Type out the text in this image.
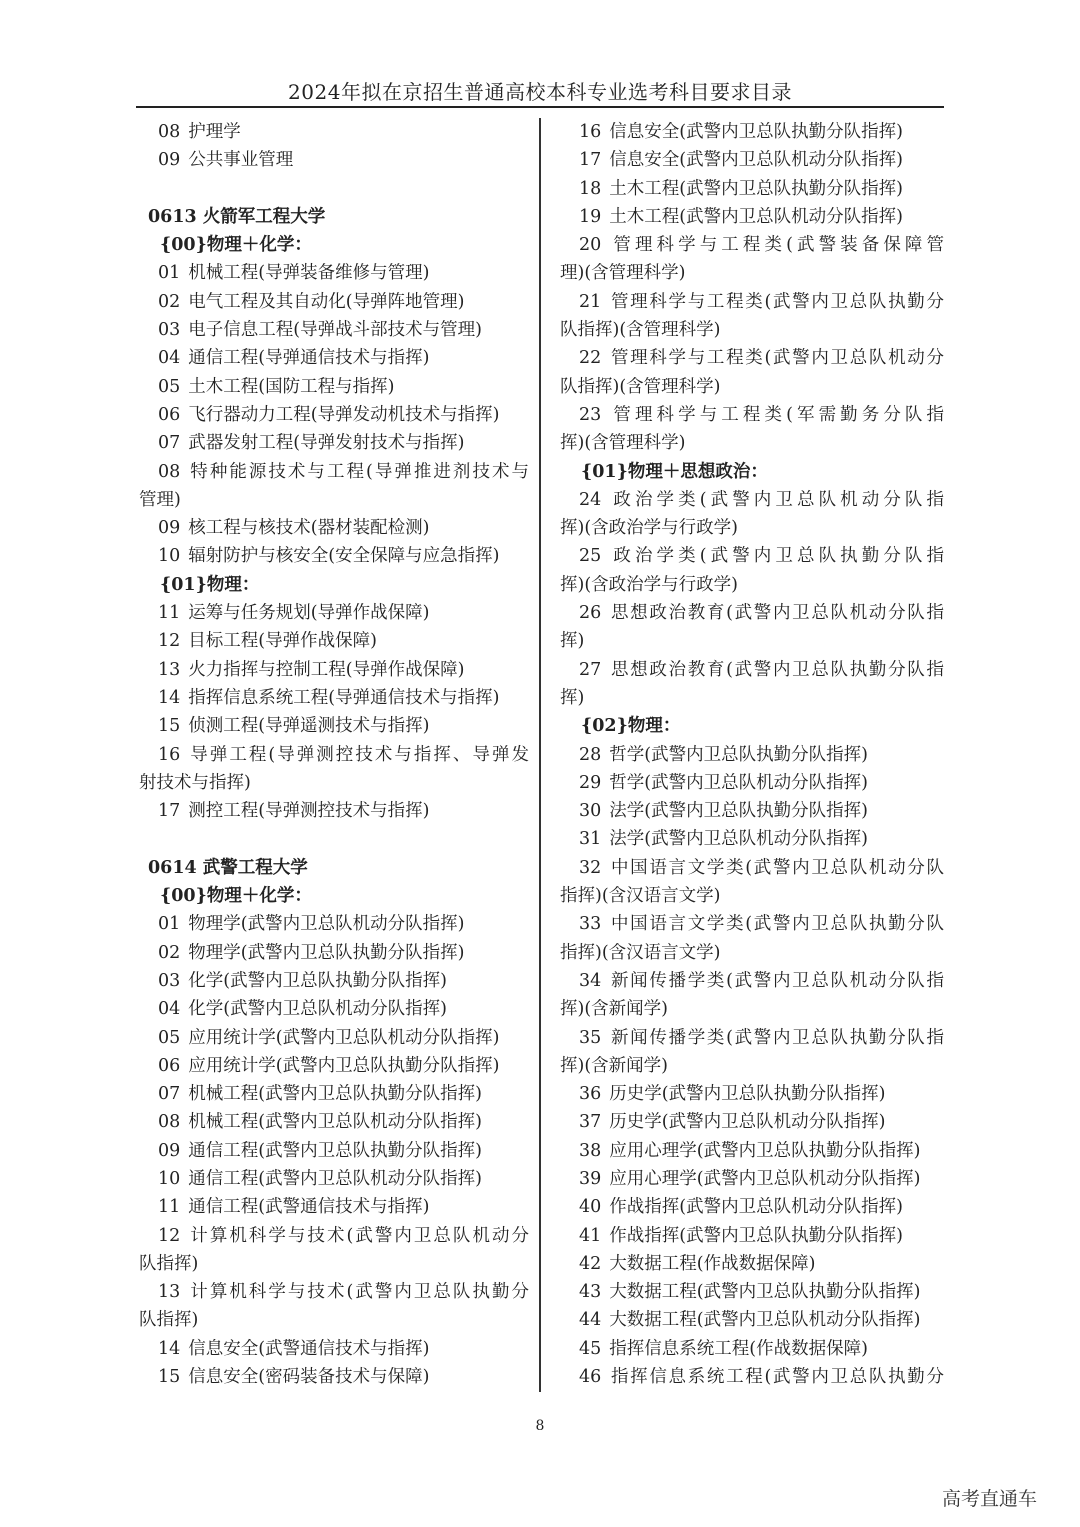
2024年拟在京招生普通高校本科专业选考科目要求目录
08 护理学
09 公共事业管理
0613 火箭军工程大学
{00}物理＋化学：
01 机械工程(导弹装备维修与管理)
02 电气工程及其自动化(导弹阵地管理)
03 电子信息工程(导弹战斗部技术与管理)
04 通信工程(导弹通信技术与指挥)
05 土木工程(国防工程与指挥)
06 飞行器动力工程(导弹发动机技术与指挥)
07 武器发射工程(导弹发射技术与指挥)
08 特种能源技术与工程(导弹推进剂技术与
管理)
09 核工程与核技术(器材装配检测)
10 辐射防护与核安全(安全保障与应急指挥)
{01}物理：
11 运筹与任务规划(导弹作战保障)
12 目标工程(导弹作战保障)
13 火力指挥与控制工程(导弹作战保障)
14 指挥信息系统工程(导弹通信技术与指挥)
15 侦测工程(导弹遥测技术与指挥)
16 导弹工程(导弹测控技术与指挥、导弹发
射技术与指挥)
17 测控工程(导弹测控技术与指挥)
0614 武警工程大学
{00}物理＋化学：
01 物理学(武警内卫总队机动分队指挥)
02 物理学(武警内卫总队执勤分队指挥)
03 化学(武警内卫总队执勤分队指挥)
04 化学(武警内卫总队机动分队指挥)
05 应用统计学(武警内卫总队机动分队指挥)
06 应用统计学(武警内卫总队执勤分队指挥)
07 机械工程(武警内卫总队执勤分队指挥)
08 机械工程(武警内卫总队机动分队指挥)
09 通信工程(武警内卫总队执勤分队指挥)
10 通信工程(武警内卫总队机动分队指挥)
11 通信工程(武警通信技术与指挥)
12 计算机科学与技术(武警内卫总队机动分
队指挥)
13 计算机科学与技术(武警内卫总队执勤分
队指挥)
14 信息安全(武警通信技术与指挥)
15 信息安全(密码装备技术与保障)
16 信息安全(武警内卫总队执勤分队指挥)
17 信息安全(武警内卫总队机动分队指挥)
18 土木工程(武警内卫总队执勤分队指挥)
19 土木工程(武警内卫总队机动分队指挥)
20 管理科学与工程类(武警装备保障管
理)(含管理科学)
21 管理科学与工程类(武警内卫总队执勤分
队指挥)(含管理科学)
22 管理科学与工程类(武警内卫总队机动分
队指挥)(含管理科学)
23 管理科学与工程类(军需勤务分队指
挥)(含管理科学)
{01}物理＋思想政治：
24 政治学类(武警内卫总队机动分队指
挥)(含政治学与行政学)
25 政治学类(武警内卫总队执勤分队指
挥)(含政治学与行政学)
26 思想政治教育(武警内卫总队机动分队指
挥)
27 思想政治教育(武警内卫总队执勤分队指
挥)
{02}物理：
28 哲学(武警内卫总队执勤分队指挥)
29 哲学(武警内卫总队机动分队指挥)
30 法学(武警内卫总队执勤分队指挥)
31 法学(武警内卫总队机动分队指挥)
32 中国语言文学类(武警内卫总队机动分队
指挥)(含汉语言文学)
33 中国语言文学类(武警内卫总队执勤分队
指挥)(含汉语言文学)
34 新闻传播学类(武警内卫总队机动分队指
挥)(含新闻学)
35 新闻传播学类(武警内卫总队执勤分队指
挥)(含新闻学)
36 历史学(武警内卫总队执勤分队指挥)
37 历史学(武警内卫总队机动分队指挥)
38 应用心理学(武警内卫总队执勤分队指挥)
39 应用心理学(武警内卫总队机动分队指挥)
40 作战指挥(武警内卫总队机动分队指挥)
41 作战指挥(武警内卫总队执勤分队指挥)
42 大数据工程(作战数据保障)
43 大数据工程(武警内卫总队执勤分队指挥)
44 大数据工程(武警内卫总队机动分队指挥)
45 指挥信息系统工程(作战数据保障)
46 指挥信息系统工程(武警内卫总队执勤分
8
高考直通车
